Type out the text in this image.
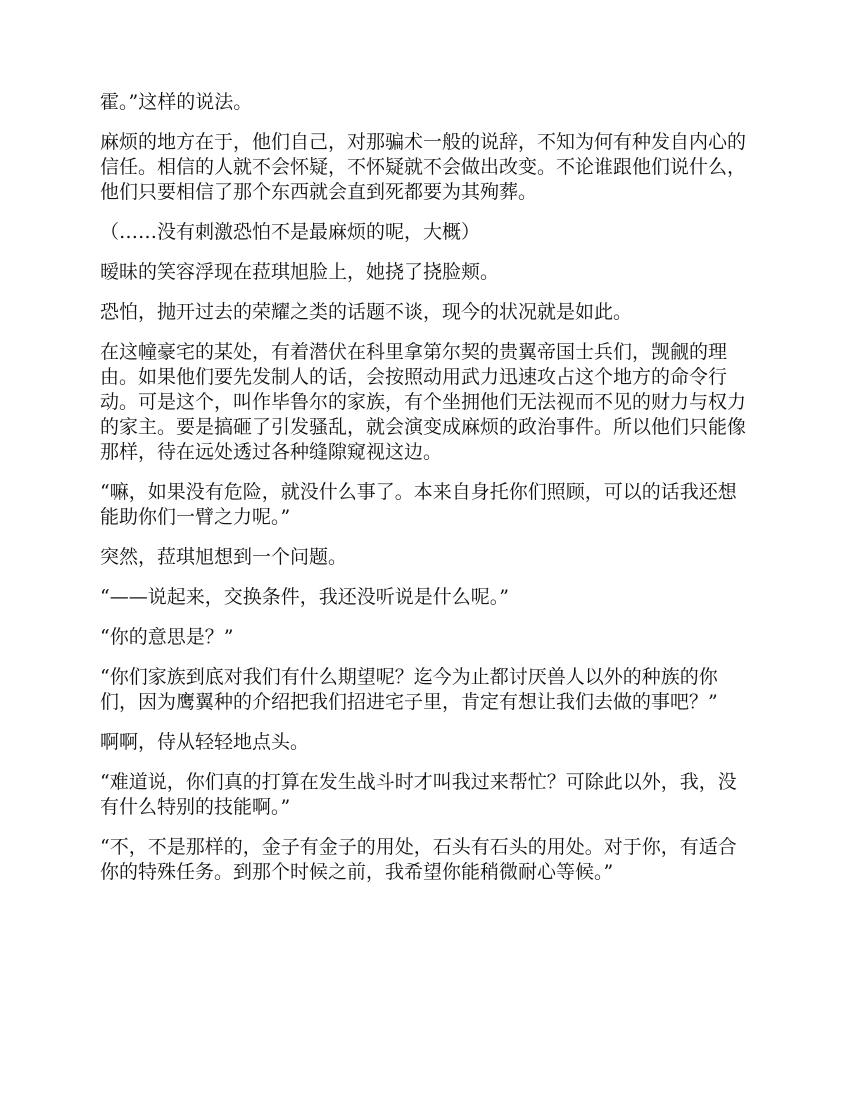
霍。”这样的说法。

麻烦的地方在于，他们自己，对那骗术一般的说辞，不知为何有种发自内心的信任。相信的人就不会怀疑，不怀疑就不会做出改变。不论谁跟他们说什么，他们只要相信了那个东西就会直到死都要为其殉葬。

（……没有刺激恐怕不是最麻烦的呢，大概）

暧昧的笑容浮现在菈琪旭脸上，她挠了挠脸颊。

恐怕，抛开过去的荣耀之类的话题不谈，现今的状况就是如此。

在这幢豪宅的某处，有着潜伏在科里拿第尔契的贵翼帝国士兵们，觊觎的理由。如果他们要先发制人的话，会按照动用武力迅速攻占这个地方的命令行动。可是这个，叫作毕鲁尔的家族，有个坐拥他们无法视而不见的财力与权力的家主。要是搞砸了引发骚乱，就会演变成麻烦的政治事件。所以他们只能像那样，待在远处透过各种缝隙窥视这边。

“嘛，如果没有危险，就没什么事了。本来自身托你们照顾，可以的话我还想能助你们一臂之力呢。”

突然，菈琪旭想到一个问题。

“——说起来，交换条件，我还没听说是什么呢。”

“你的意思是？”

“你们家族到底对我们有什么期望呢？迄今为止都讨厌兽人以外的种族的你们，因为鹰翼种的介绍把我们招进宅子里，肯定有想让我们去做的事吧？”

啊啊，侍从轻轻地点头。

“难道说，你们真的打算在发生战斗时才叫我过来帮忙？可除此以外，我，没有什么特别的技能啊。”

“不，不是那样的，金子有金子的用处，石头有石头的用处。对于你，有适合你的特殊任务。到那个时候之前，我希望你能稍微耐心等候。”
